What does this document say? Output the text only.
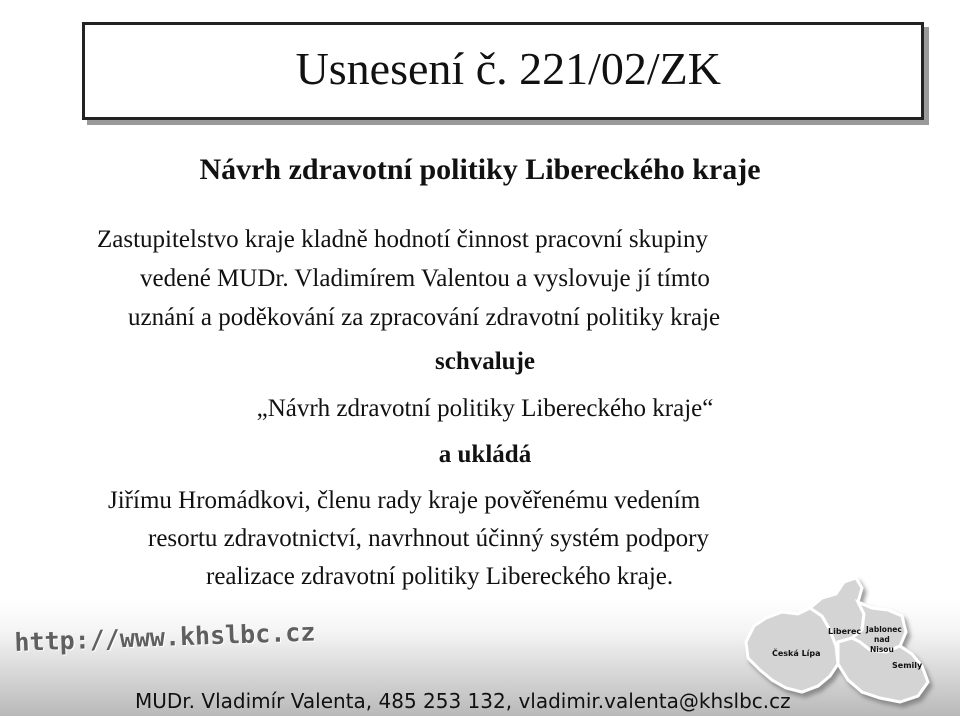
Usnesení č. 221/02/ZK
Návrh zdravotní politiky Libereckého kraje
Zastupitelstvo kraje kladně hodnotí činnost pracovní skupiny
vedené MUDr. Vladimírem Valentou a vyslovuje jí tímto
uznání a poděkování za zpracování zdravotní politiky kraje
schvaluje
„Návrh zdravotní politiky Libereckého kraje“
a ukládá
Jiřímu Hromádkovi, členu rady kraje pověřenému vedením
resortu zdravotnictví, navrhnout účinný systém podpory
realizace zdravotní politiky Libereckého kraje.
http://www.khslbc.cz	Liberec
Česká Lípa
Jablonec
nad
Nisou
Semily
MUDr. Vladimír Valenta, 485 253 132, vladimir.valenta@khslbc.cz
